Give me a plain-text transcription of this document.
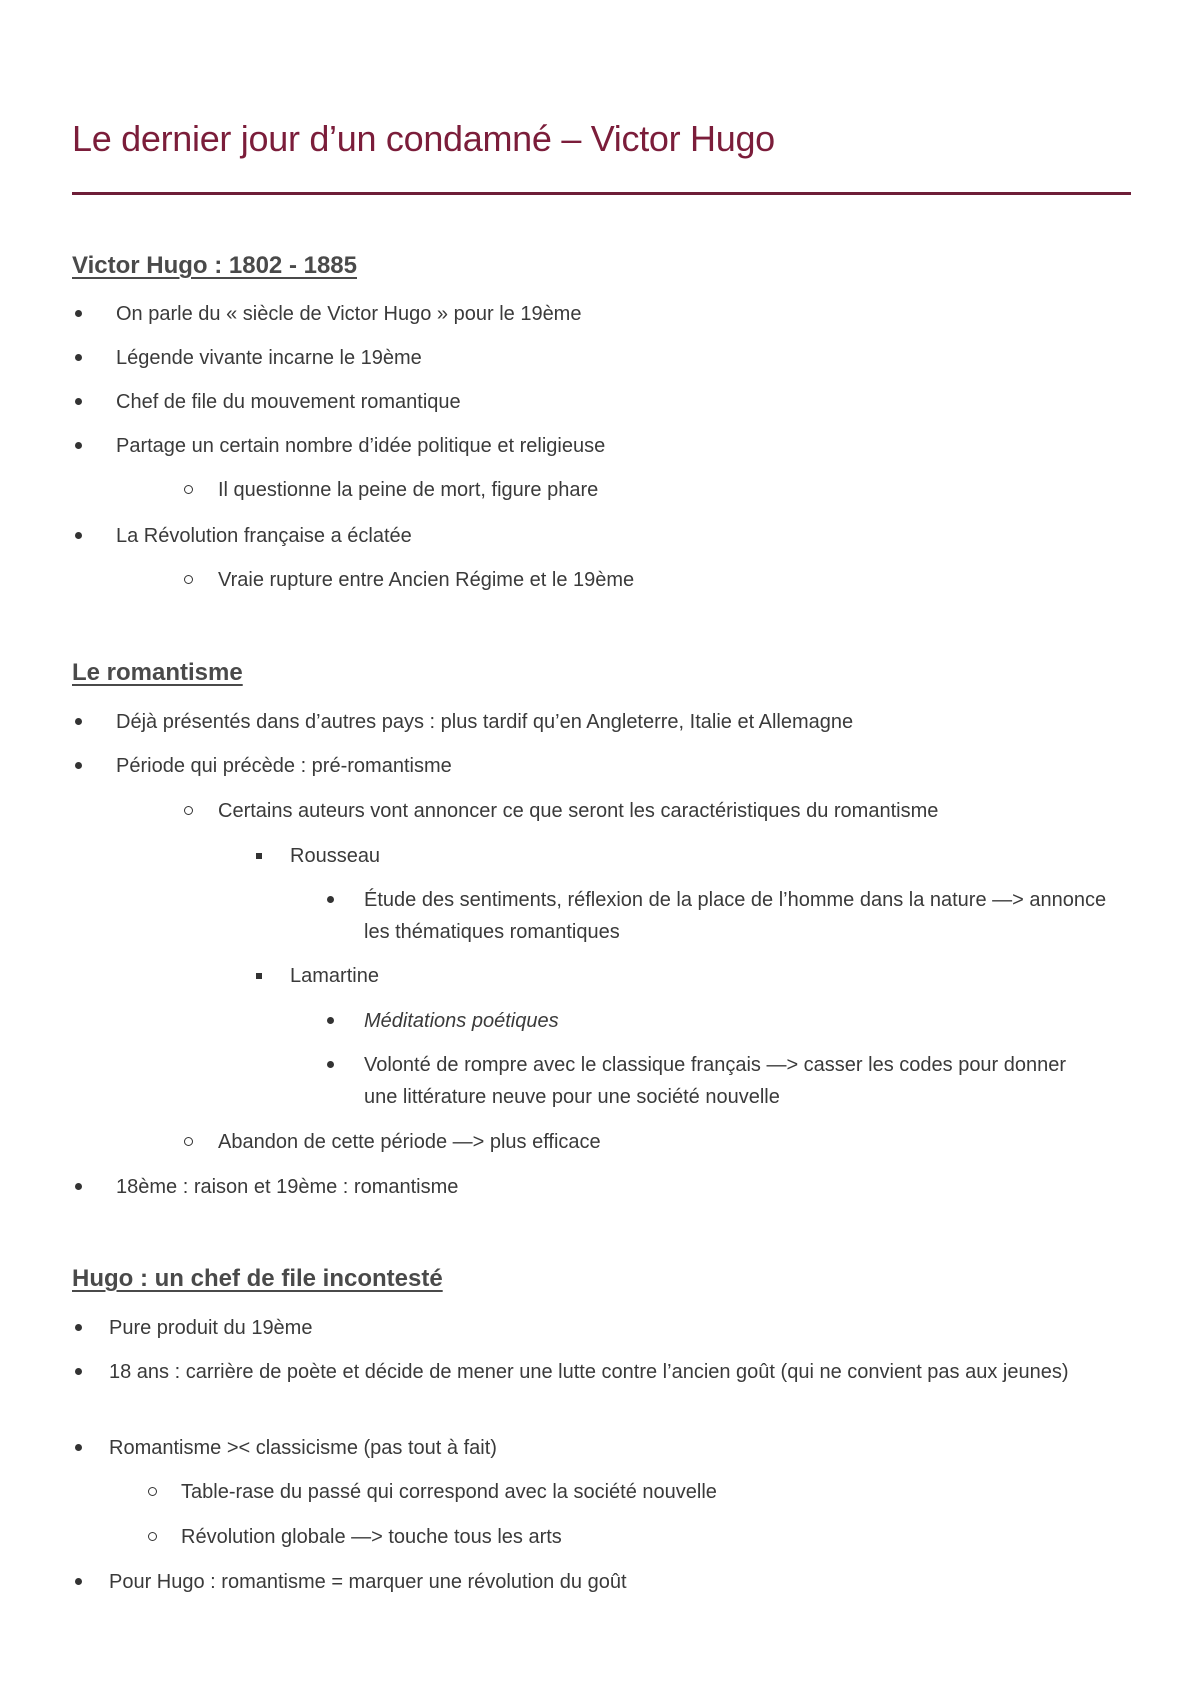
Le dernier jour d’un condamné – Victor Hugo
Victor Hugo : 1802 - 1885
On parle du « siècle de Victor Hugo » pour le 19ème
Légende vivante incarne le 19ème
Chef de file du mouvement romantique
Partage un certain nombre d’idée politique et religieuse
Il questionne la peine de mort, figure phare
La Révolution française a éclatée
Vraie rupture entre Ancien Régime et le 19ème
Le romantisme
Déjà présentés dans d’autres pays : plus tardif qu’en Angleterre, Italie et Allemagne
Période qui précède : pré-romantisme
Certains auteurs vont annoncer ce que seront les caractéristiques du romantisme
Rousseau
Étude des sentiments, réflexion de la place de l’homme dans la nature —> annonce les thématiques romantiques
Lamartine
Méditations poétiques
Volonté de rompre avec le classique français —> casser les codes pour donner une littérature neuve pour une société nouvelle
Abandon de cette période —> plus efficace
18ème : raison et 19ème : romantisme
Hugo : un chef de file incontesté
Pure produit du 19ème
18 ans : carrière de poète et décide de mener une lutte contre l’ancien goût (qui ne convient pas aux jeunes)
Romantisme >< classicisme (pas tout à fait)
Table-rase du passé qui correspond avec la société nouvelle
Révolution globale —> touche tous les arts
Pour Hugo : romantisme = marquer une révolution du goût
